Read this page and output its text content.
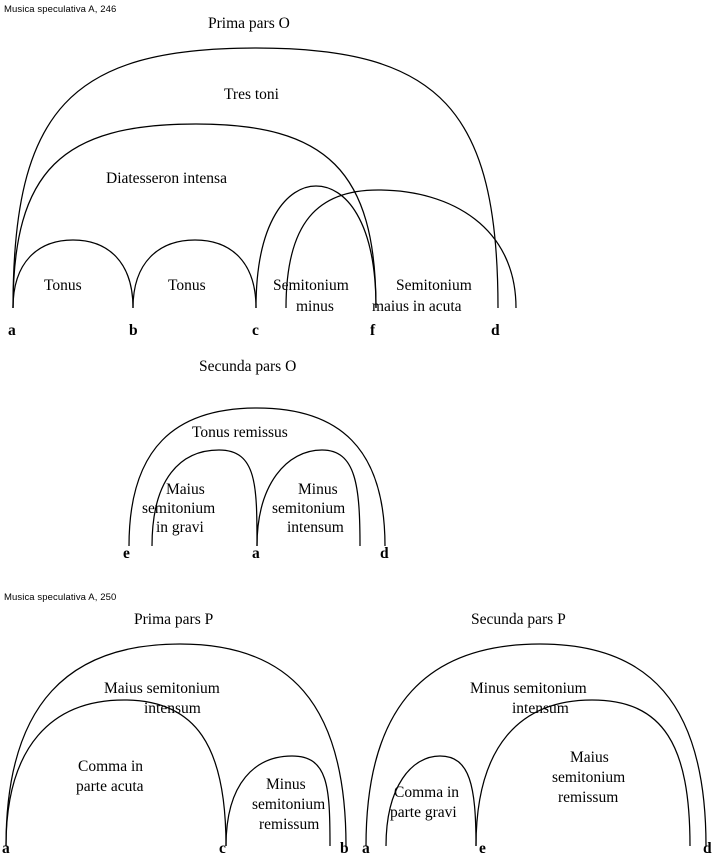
Musica speculativa A, 246
Prima pars O
Tonus	Tonus	Semitonium
minus
Semitonium
maius in acuta
Tres toni
Diatesseron intensa
a	b	c	f	d
Secunda pars O
Tonus remissus
Maius
semitonium
in gravi
Minus
semitonium
intensum
e	a	d
Musica speculativa A, 250
Prima pars P
Maius semitonium
intensum
Comma in
parte acuta	Minus
semitonium
remissum
a	c	b
Secunda pars P
Minus semitonium
intensum
Comma in
parte gravi
Maius
semitonium
remissum
a	e	d
